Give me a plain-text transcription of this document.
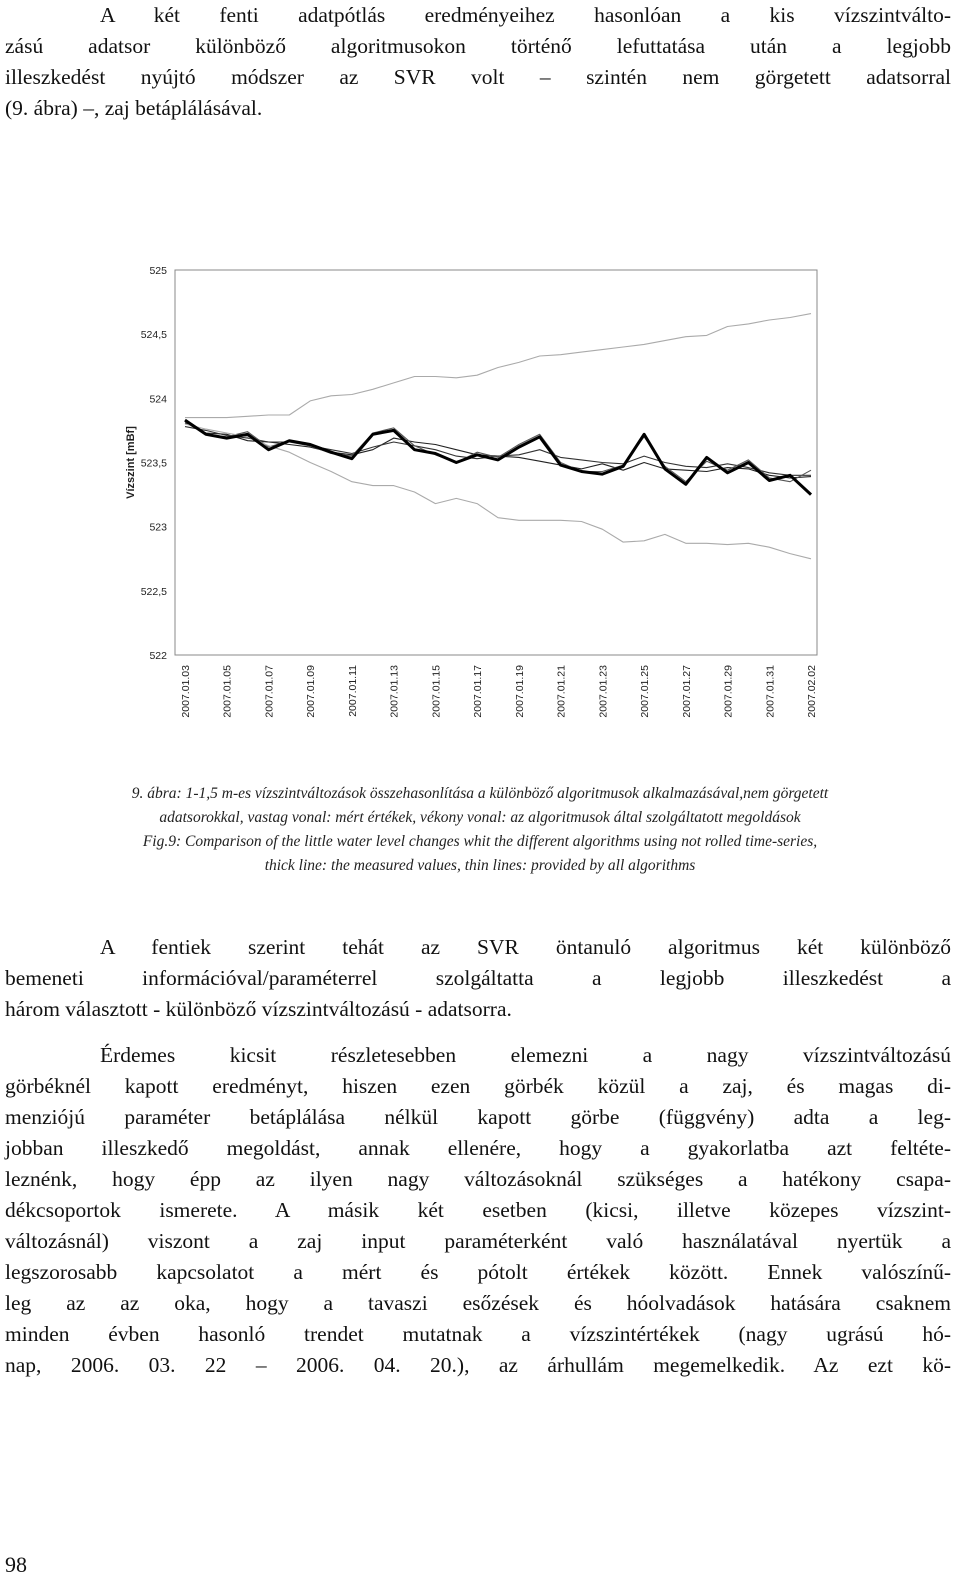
A két fenti adatpótlás eredményeihez hasonlóan a kis vízszintválto-
zású adatsor különböző algoritmusokon történő lefuttatása után a legjobb
illeszkedést nyújtó módszer az SVR volt – szintén nem görgetett adatsorral
(9. ábra) –, zaj betáplálásával.
Vízszint [mBf]
525
524,5
524
523,5
523
522,5
522
2007.01.03	2007.01.05	2007.01.07	2007.01.09	2007.01.11	2007.01.13	2007.01.15	2007.01.17	2007.01.19	2007.01.21	2007.01.23	2007.01.25	2007.01.27	2007.01.29	2007.01.31	2007.02.02
9. ábra: 1-1,5 m-es vízszintváltozások összehasonlítása a különböző algoritmusok alkalmazásával,nem görgetett
adatsorokkal, vastag vonal: mért értékek, vékony vonal: az algoritmusok által szolgáltatott megoldások
Fig.9: Comparison of the little water level changes whit the different algorithms using not rolled time-series,
thick line: the measured values, thin lines: provided by all algorithms
A fentiek szerint tehát az SVR öntanuló algoritmus két különböző
bemeneti információval/paraméterrel szolgáltatta a legjobb illeszkedést a
három választott - különböző vízszintváltozású - adatsorra.
Érdemes kicsit részletesebben elemezni a nagy vízszintváltozású
görbéknél kapott eredményt, hiszen ezen görbék közül a zaj, és magas di-
menziójú paraméter betáplálása nélkül kapott görbe (függvény) adta a leg-
jobban illeszkedő megoldást, annak ellenére, hogy a gyakorlatba azt feltéte-
leznénk, hogy épp az ilyen nagy változásoknál szükséges a hatékony csapa-
dékcsoportok ismerete. A másik két esetben (kicsi, illetve közepes vízszint-
változásnál) viszont a zaj input paraméterként való használatával nyertük a
legszorosabb kapcsolatot a mért és pótolt értékek között. Ennek valószínű-
leg az az oka, hogy a tavaszi esőzések és hóolvadások hatására csaknem
minden évben hasonló trendet mutatnak a vízszintértékek (nagy ugrású hó-
nap, 2006. 03. 22 – 2006. 04. 20.), az árhullám megemelkedik. Az ezt kö-
98
